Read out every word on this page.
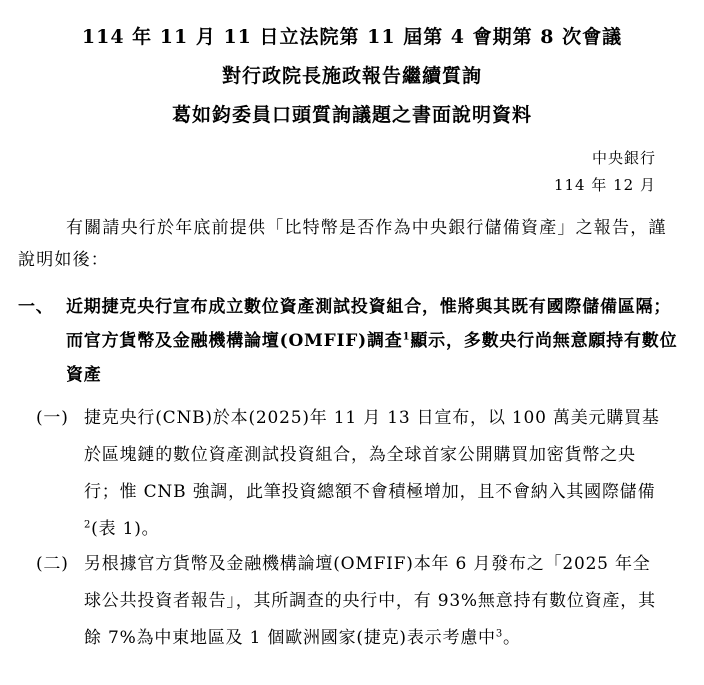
114 年 11 月 11 日立法院第 11 屆第 4 會期第 8 次會議
對行政院長施政報告繼續質詢
葛如鈞委員口頭質詢議題之書面說明資料
中央銀行
114 年 12 月

有關請央行於年底前提供「比特幣是否作為中央銀行儲備資產」之報告，謹說明如後：

一、 近期捷克央行宣布成立數位資產測試投資組合，惟將與其既有國際儲備區隔；而官方貨幣及金融機構論壇(OMFIF)調查$^1$顯示，多數央行尚無意願持有數位資產
(一) 捷克央行(CNB)於本(2025)年 11 月 13 日宣布，以 100 萬美元購買基於區塊鏈的數位資產測試投資組合，為全球首家公開購買加密貨幣之央行；惟 CNB 強調，此筆投資總額不會積極增加，且不會納入其國際儲備$^2$(表 1)。
(二) 另根據官方貨幣及金融機構論壇(OMFIF)本年 6 月發布之「2025 年全球公共投資者報告」，其所調查的央行中，有 93%無意持有數位資產，其餘 7%為中東地區及 1 個歐洲國家(捷克)表示考慮中$^3$。
